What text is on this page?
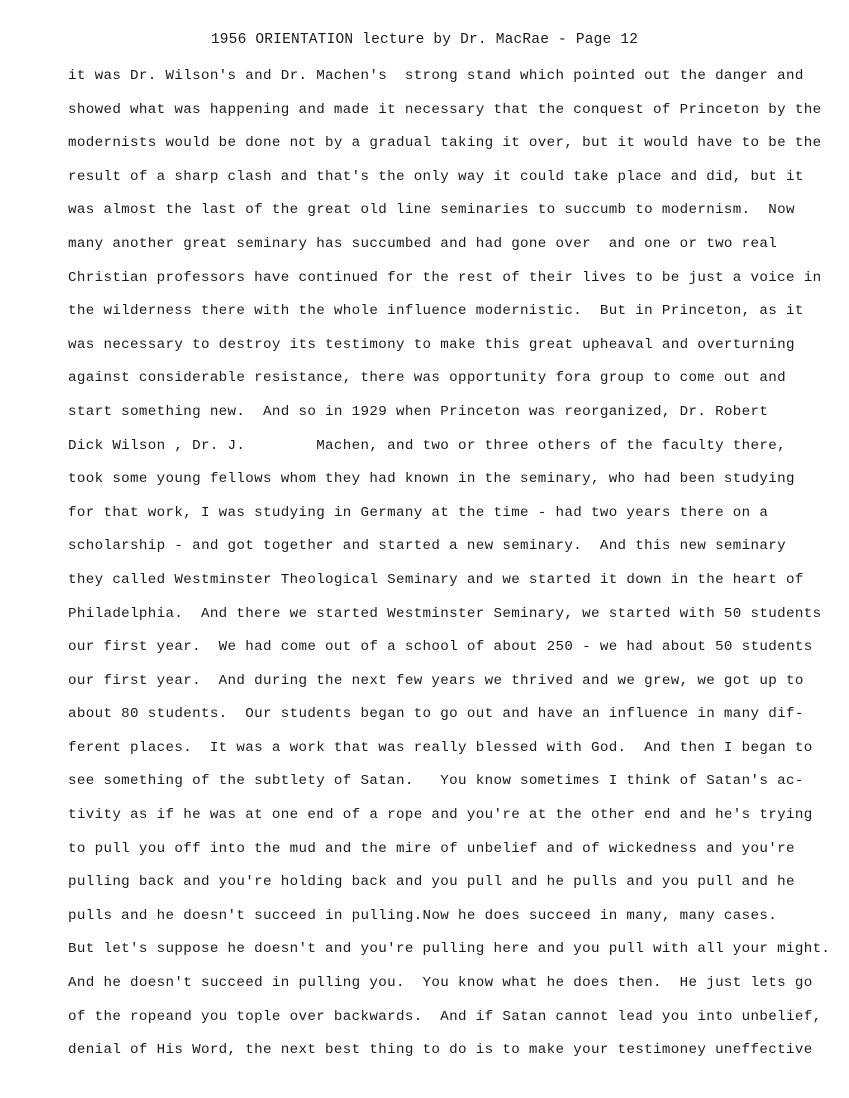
1956 ORIENTATION lecture by Dr. MacRae - Page 12
it was Dr. Wilson's and Dr. Machen's  strong stand which pointed out the danger and
showed what was happening and made it necessary that the conquest of Princeton by the
modernists would be done not by a gradual taking it over, but it would have to be the
result of a sharp clash and that's the only way it could take place and did, but it
was almost the last of the great old line seminaries to succumb to modernism.  Now
many another great seminary has succumbed and had gone over  and one or two real
Christian professors have continued for the rest of their lives to be just a voice in
the wilderness there with the whole influence modernistic.  But in Princeton, as it
was necessary to destroy its testimony to make this great upheaval and overturning
against considerable resistance, there was opportunity fora group to come out and
start something new.  And so in 1929 when Princeton was reorganized, Dr. Robert
Dick Wilson , Dr. J.        Machen, and two or three others of the faculty there,
took some young fellows whom they had known in the seminary, who had been studying
for that work, I was studying in Germany at the time - had two years there on a
scholarship - and got together and started a new seminary.  And this new seminary
they called Westminster Theological Seminary and we started it down in the heart of
Philadelphia.  And there we started Westminster Seminary, we started with 50 students
our first year.  We had come out of a school of about 250 - we had about 50 students
our first year.  And during the next few years we thrived and we grew, we got up to
about 80 students.  Our students began to go out and have an influence in many dif-
ferent places.  It was a work that was really blessed with God.  And then I began to
see something of the subtlety of Satan.   You know sometimes I think of Satan's ac-
tivity as if he was at one end of a rope and you're at the other end and he's trying
to pull you off into the mud and the mire of unbelief and of wickedness and you're
pulling back and you're holding back and you pull and he pulls and you pull and he
pulls and he doesn't succeed in pulling.Now he does succeed in many, many cases.
But let's suppose he doesn't and you're pulling here and you pull with all your might.
And he doesn't succeed in pulling you.  You know what he does then.  He just lets go
of the ropeand you tople over backwards.  And if Satan cannot lead you into unbelief,
denial of His Word, the next best thing to do is to make your testimoney uneffective
